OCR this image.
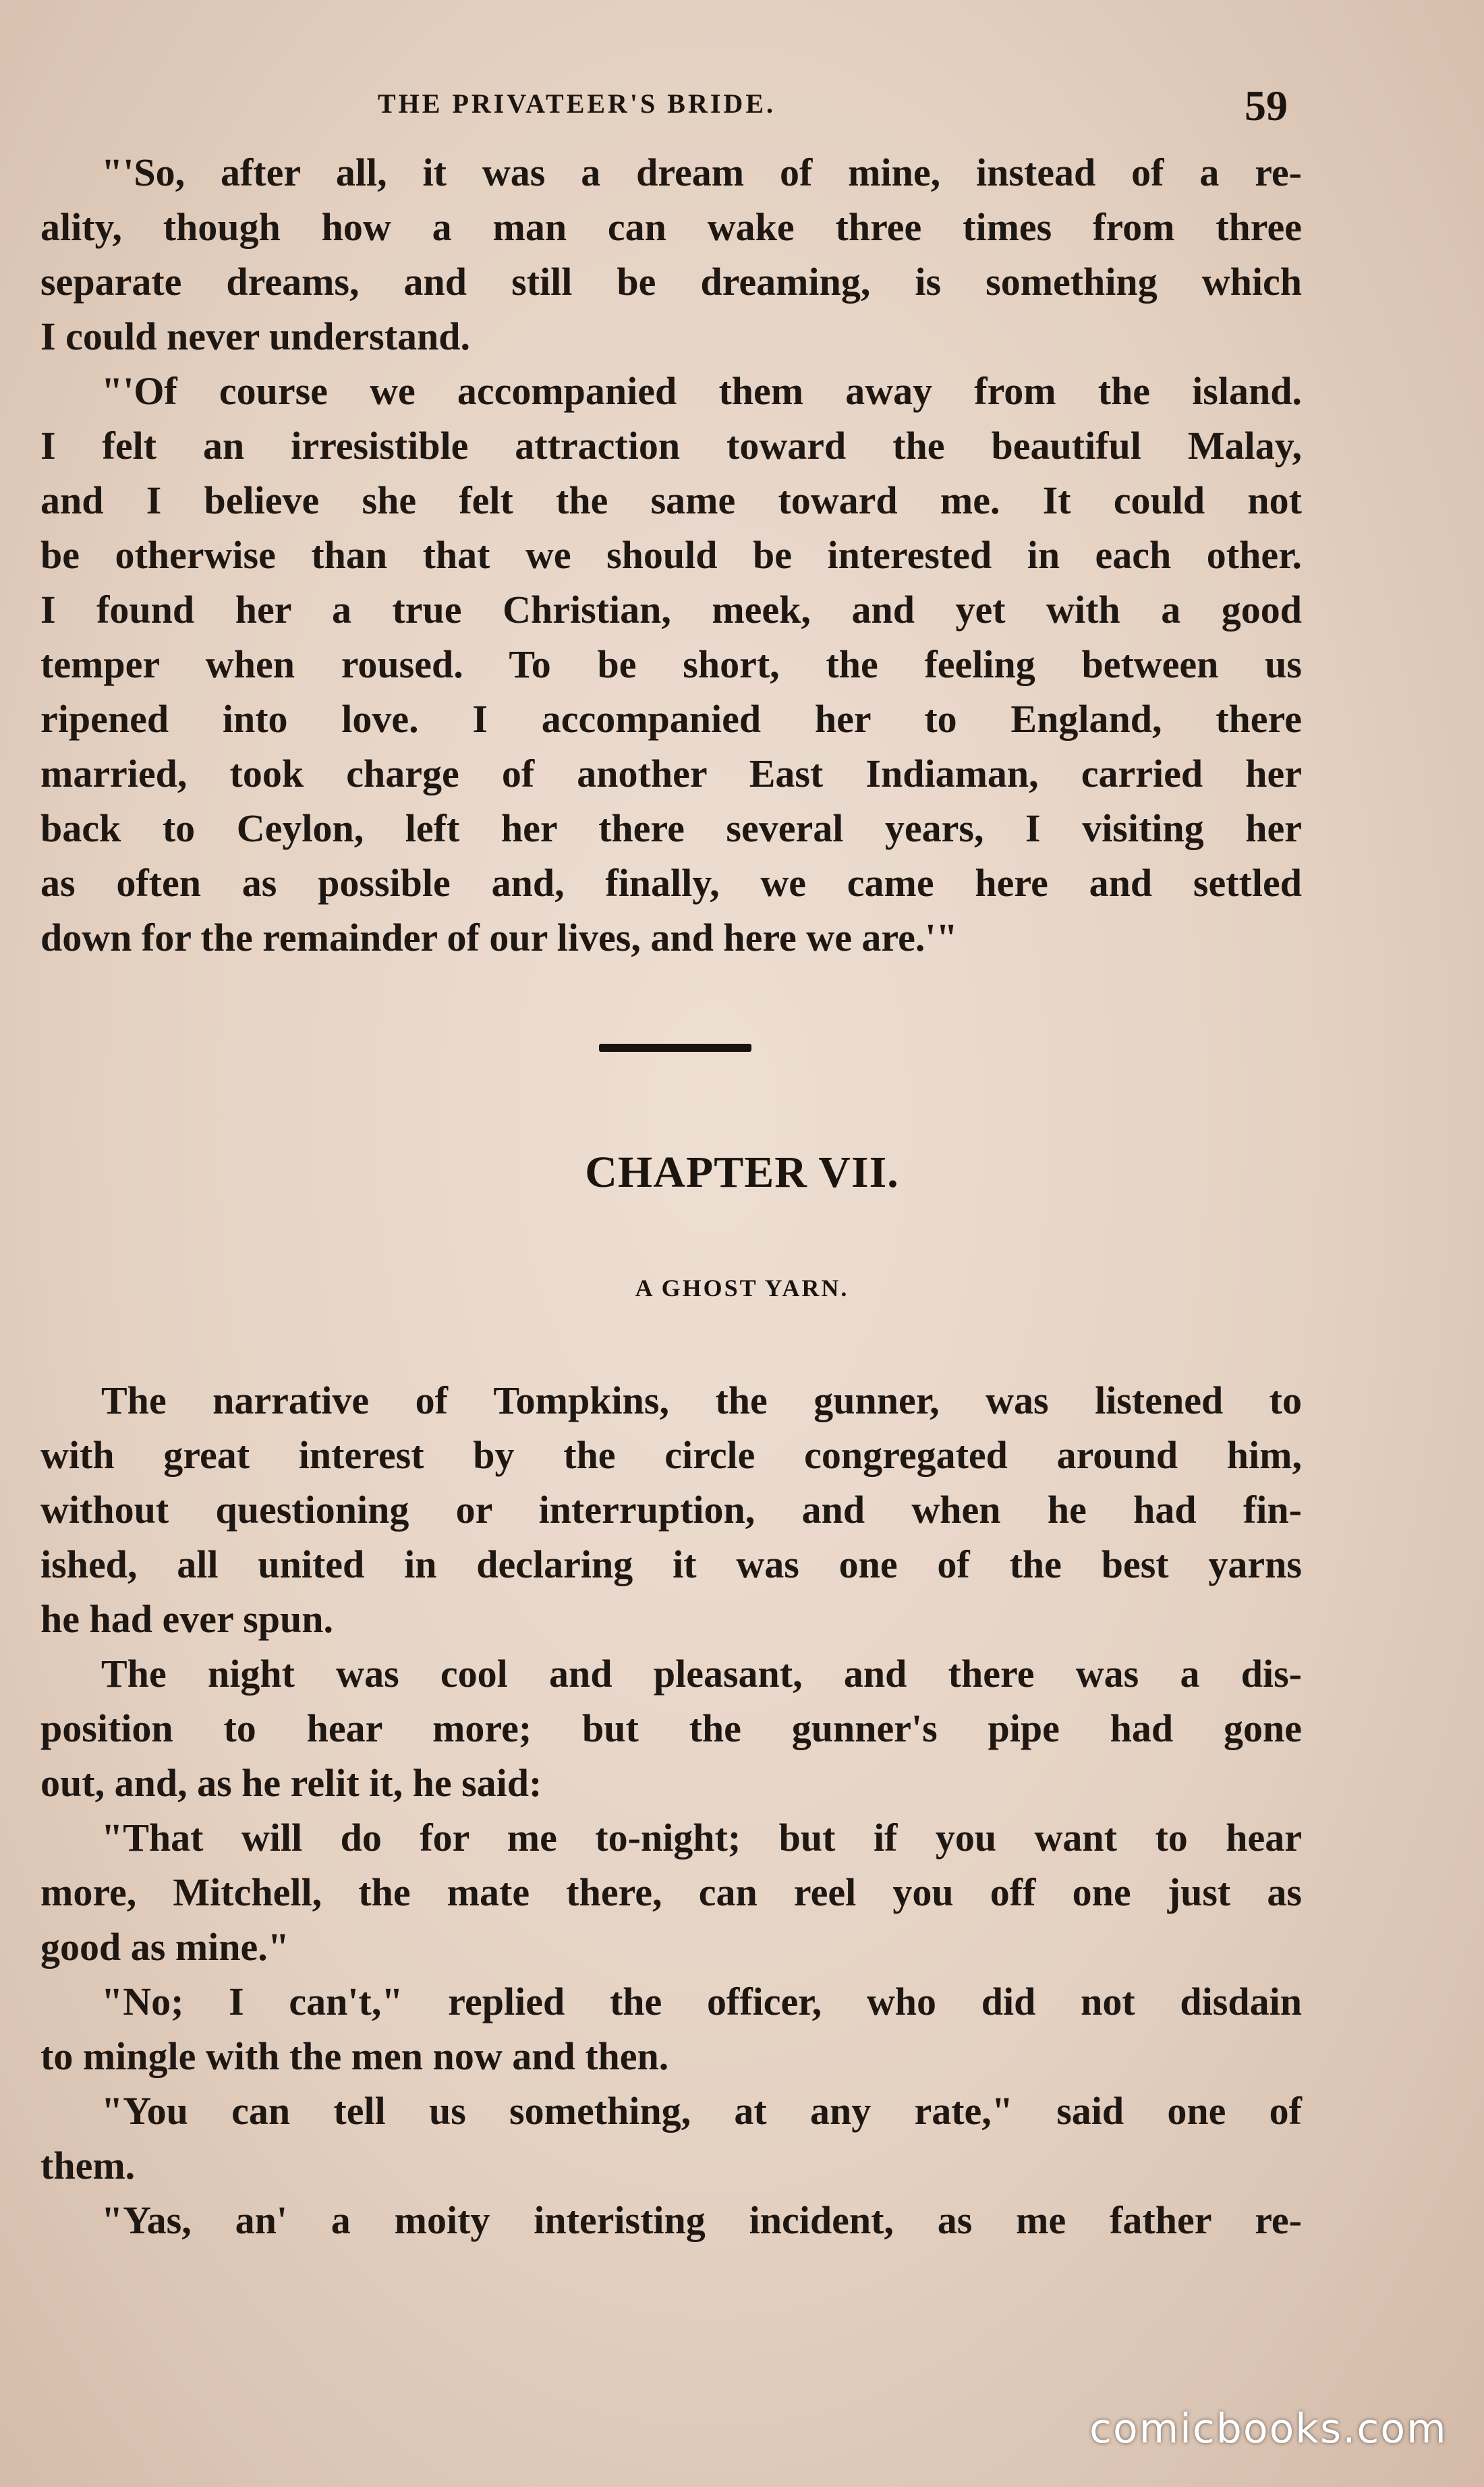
THE PRIVATEER'S BRIDE.	59
"'So, after all, it was a dream of mine, instead of a re-
ality, though how a man can wake three times from three
separate dreams, and still be dreaming, is something which
I could never understand.
"'Of course we accompanied them away from the island.
I felt an irresistible attraction toward the beautiful Malay,
and I believe she felt the same toward me. It could not
be otherwise than that we should be interested in each other.
I found her a true Christian, meek, and yet with a good
temper when roused. To be short, the feeling between us
ripened into love. I accompanied her to England, there
married, took charge of another East Indiaman, carried her
back to Ceylon, left her there several years, I visiting her
as often as possible and, finally, we came here and settled
down for the remainder of our lives, and here we are.'"
CHAPTER VII.
A GHOST YARN.
The narrative of Tompkins, the gunner, was listened to
with great interest by the circle congregated around him,
without questioning or interruption, and when he had fin-
ished, all united in declaring it was one of the best yarns
he had ever spun.
The night was cool and pleasant, and there was a dis-
position to hear more; but the gunner's pipe had gone
out, and, as he relit it, he said:
"That will do for me to-night; but if you want to hear
more, Mitchell, the mate there, can reel you off one just as
good as mine."
"No; I can't," replied the officer, who did not disdain
to mingle with the men now and then.
"You can tell us something, at any rate," said one of
them.
"Yas, an' a moity interisting incident, as me father re-
comicbooks.com
